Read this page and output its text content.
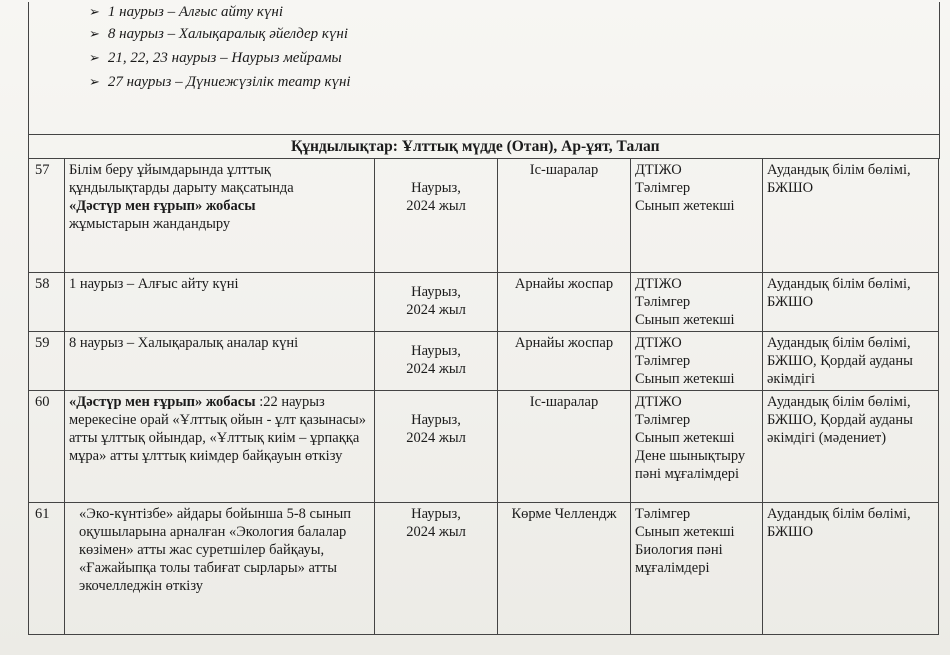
➢ 1 наурыз – Алғыс айту күні
➢ 8 наурыз – Халықаралық әйелдер күні
➢ 21, 22, 23 наурыз – Наурыз мейрамы
➢ 27 наурыз – Дүниежүзілік театр күні
Құндылықтар: Ұлттық мүдде (Отан), Ар-ұят, Талап
57	Білім беру ұйымдарында ұлттық құндылықтарды дарыту мақсатында
«Дәстүр мен ғұрып» жобасы
жұмыстарын жандандыру	Наурыз,
2024 жыл	Іс-шаралар	ДТІЖО
Тәлімгер
Сынып жетекші	Аудандық білім бөлімі, БЖШО
58	1 наурыз – Алғыс айту күні	Наурыз,
2024 жыл	Арнайы жоспар	ДТІЖО
Тәлімгер
Сынып жетекші	Аудандық білім бөлімі, БЖШО
59	8 наурыз – Халықаралық аналар күні	Наурыз,
2024 жыл	Арнайы жоспар	ДТІЖО
Тәлімгер
Сынып жетекші	Аудандық білім бөлімі, БЖШО, Қордай ауданы әкімдігі
60	«Дәстүр мен ғұрып» жобасы :22 наурыз мерекесіне орай «Ұлттық ойын - ұлт қазынасы» атты ұлттық ойындар, «Ұлттық киім – ұрпаққа мұра» атты ұлттық киімдер байқауын өткізу	Наурыз,
2024 жыл	Іс-шаралар	ДТІЖО
Тәлімгер
Сынып жетекші
Дене шынықтыру пәні мұғалімдері	Аудандық білім бөлімі, БЖШО, Қордай ауданы әкімдігі (мәдениет)
61	«Эко-күнтізбе» айдары бойынша 5-8 сынып оқушыларына арналған «Экология балалар көзімен» атты жас суретшілер байқауы, «Ғажайыпқа толы табиғат сырлары» атты экочелледжін өткізу	Наурыз,
2024 жыл	Көрме Челлендж	Тәлімгер
Сынып жетекші
Биология пәні мұғалімдері	Аудандық білім бөлімі, БЖШО
